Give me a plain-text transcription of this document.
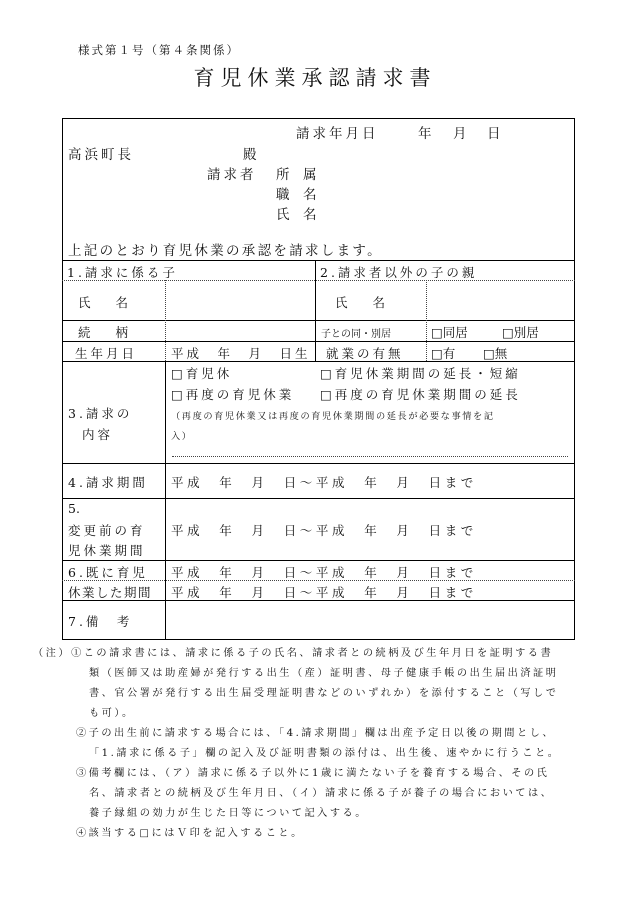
様式第１号（第４条関係）
育児休業承認請求書
請求年月日	年 月 日
高浜町長	殿
請求者 所　属
職　名
氏　名
上記のとおり育児休業の承認を請求します。
1.請求に係る子	2.請求者以外の子の親
氏　　名	氏　　名
続　　柄	子との同・別居	□同居	□別居
生年月日	平成　年　月　日生 就業の有無 □有 □無
3.請求の
内容
□育児休	□育児休業期間の延長・短縮
□再度の育児休業 □再度の育児休業期間の延長
（再度の育児休業又は再度の育児休業期間の延長が必要な事情を記
入）
4.請求期間 平成　年　月　日～平成　年　月　日まで
5.
変更前の育
児休業期間
平成　年　月　日～平成　年　月　日まで
6.既に育児
休業した期間
平成　年　月　日～平成　年　月　日まで
平成　年　月　日～平成　年　月　日まで
7.備　考
（注）①この請求書には、請求に係る子の氏名、請求者との続柄及び生年月日を証明する書
類（医師又は助産婦が発行する出生（産）証明書、母子健康手帳の出生届出済証明
書、官公署が発行する出生届受理証明書などのいずれか）を添付すること（写しで
も可）。
②子の出生前に請求する場合には、「4.請求期間」欄は出産予定日以後の期間とし、
「1.請求に係る子」欄の記入及び証明書類の添付は、出生後、速やかに行うこと。
③備考欄には、（ア）請求に係る子以外に1歳に満たない子を養育する場合、その氏
名、請求者との続柄及び生年月日、（イ）請求に係る子が養子の場合においては、
養子縁組の効力が生じた日等について記入する。
④該当する□にはＶ印を記入すること。
